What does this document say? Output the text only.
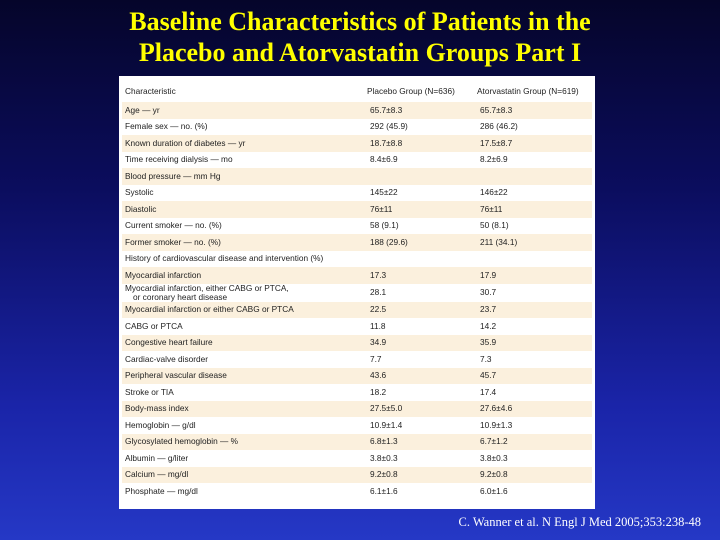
Baseline Characteristics of Patients in the
Placebo and Atorvastatin Groups Part I
Characteristic	Placebo Group (N=636)	Atorvastatin Group (N=619)
Age — yr	65.7±8.3	65.7±8.3
Female sex — no. (%)	292 (45.9)	286 (46.2)
Known duration of diabetes — yr	18.7±8.8	17.5±8.7
Time receiving dialysis — mo	8.4±6.9	8.2±6.9
Blood pressure — mm Hg		
Systolic	145±22	146±22
Diastolic	76±11	76±11
Current smoker — no. (%)	58 (9.1)	50 (8.1)
Former smoker — no. (%)	188 (29.6)	211 (34.1)
History of cardiovascular disease and intervention (%)		
Myocardial infarction	17.3	17.9

Myocardial infarction, either CABG or PTCA,
or coronary heart disease	28.1	30.7
Myocardial infarction or either CABG or PTCA	22.5	23.7
CABG or PTCA	11.8	14.2
Congestive heart failure	34.9	35.9
Cardiac-valve disorder	7.7	7.3
Peripheral vascular disease	43.6	45.7
Stroke or TIA	18.2	17.4
Body-mass index	27.5±5.0	27.6±4.6
Hemoglobin — g/dl	10.9±1.4	10.9±1.3
Glycosylated hemoglobin — %	6.8±1.3	6.7±1.2
Albumin — g/liter	3.8±0.3	3.8±0.3
Calcium — mg/dl	9.2±0.8	9.2±0.8
Phosphate — mg/dl	6.1±1.6	6.0±1.6
C. Wanner et al. N Engl J Med 2005;353:238-48
